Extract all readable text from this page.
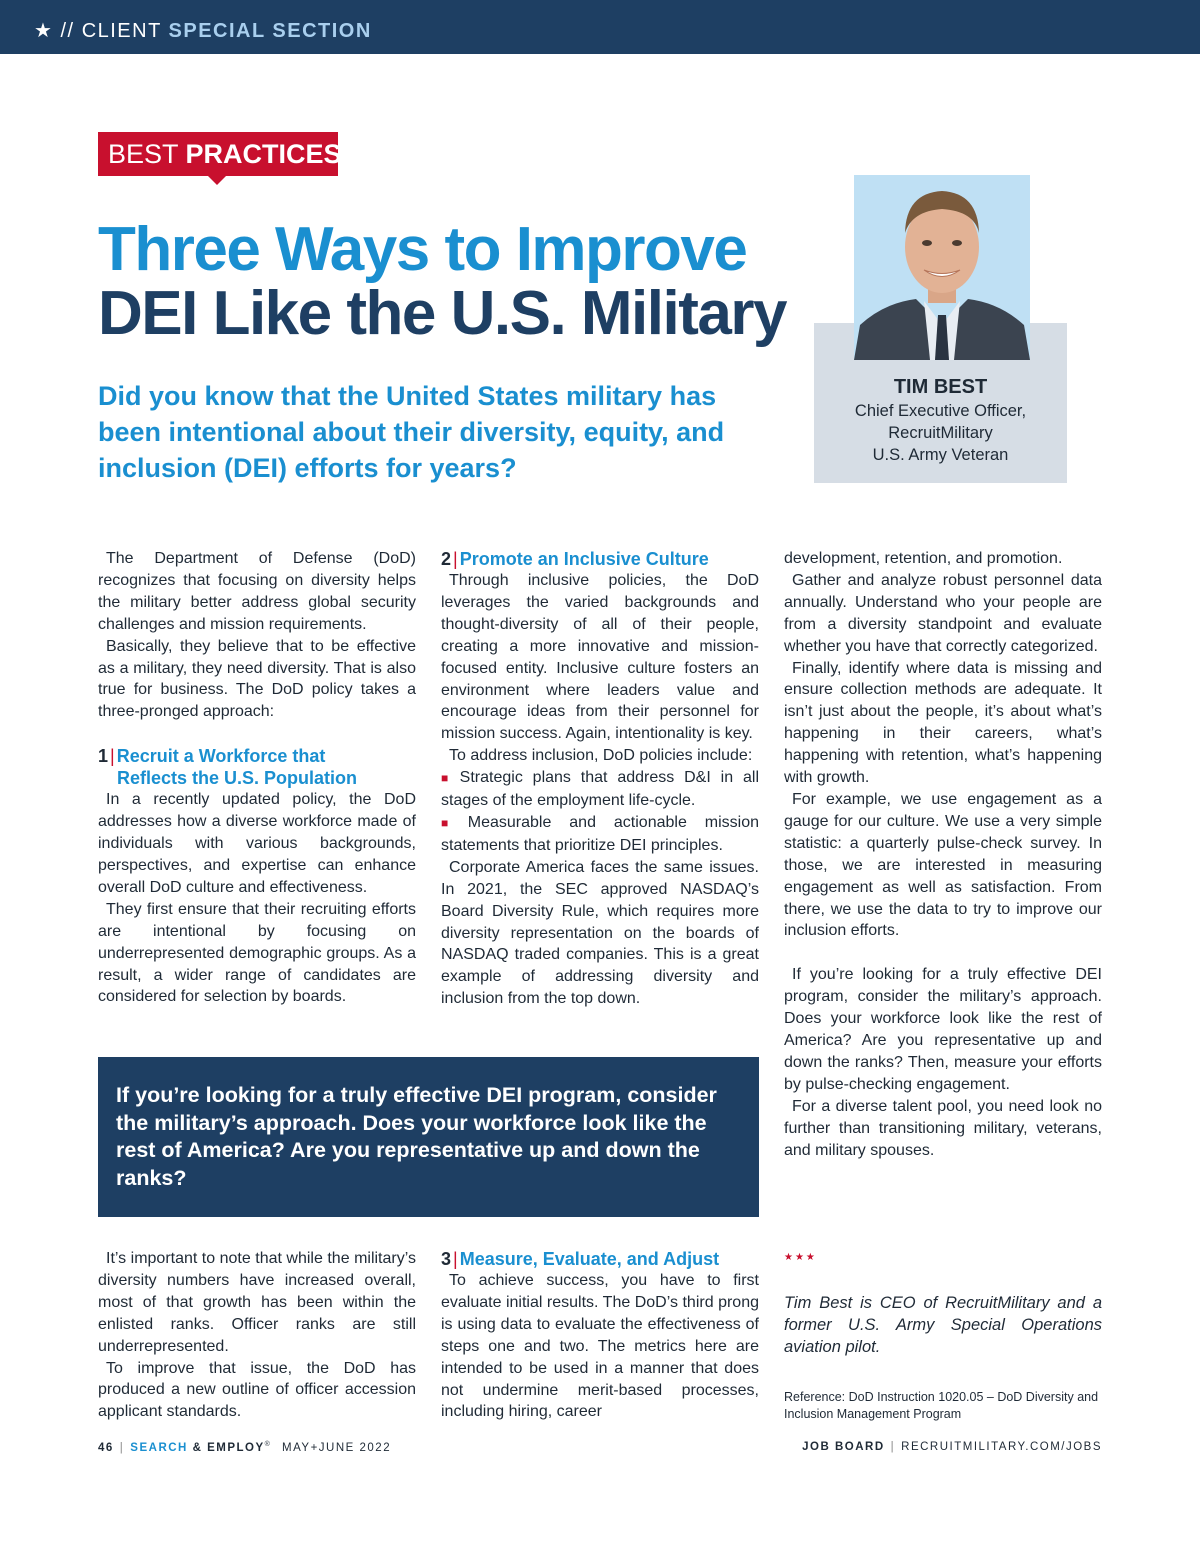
★ // CLIENT SPECIAL SECTION
BEST PRACTICES
Three Ways to Improve
DEI Like the U.S. Military
Did you know that the United States military has been intentional about their diversity, equity, and inclusion (DEI) efforts for years?
TIM BEST
Chief Executive Officer,
RecruitMilitary
U.S. Army Veteran

The Department of Defense (DoD) recognizes that focusing on diversity helps the military better address global security challenges and mission requirements.

Basically, they believe that to be effective as a military, they need diversity. That is also true for business. The DoD policy takes a three-pronged approach:

1 | Recruit a Workforce that
Reflects the U.S. Population

In a recently updated policy, the DoD addresses how a diverse workforce made of individuals with various backgrounds, perspectives, and expertise can enhance overall DoD culture and effectiveness.

They first ensure that their recruiting efforts are intentional by focusing on underrepresented demographic groups. As a result, a wider range of candidates are considered for selection by boards.

2 | Promote an Inclusive Culture

Through inclusive policies, the DoD leverages the varied backgrounds and thought-diversity of all of their people, creating a more innovative and mission-focused entity. Inclusive culture fosters an environment where leaders value and encourage ideas from their personnel for mission success. Again, intentionality is key.

To address inclusion, DoD policies include:

■ Strategic plans that address D&I in all stages of the employment life-cycle.
■ Measurable and actionable mission statements that prioritize DEI principles.

Corporate America faces the same issues. In 2021, the SEC approved NASDAQ’s Board Diversity Rule, which requires more diversity representation on the boards of NASDAQ traded companies. This is a great example of addressing diversity and inclusion from the top down.

development, retention, and promotion.

Gather and analyze robust personnel data annually. Understand who your people are from a diversity standpoint and evaluate whether you have that correctly categorized.

Finally, identify where data is missing and ensure collection methods are adequate. It isn’t just about the people, it’s about what’s happening in their careers, what’s happening with retention, what’s happening with growth.

For example, we use engagement as a gauge for our culture. We use a very simple statistic: a quarterly pulse-check survey. In those, we are interested in measuring engagement as well as satisfaction. From there, we use the data to try to improve our inclusion efforts.

If you’re looking for a truly effective DEI program, consider the military’s approach. Does your workforce look like the rest of America? Are you representative up and down the ranks? Then, measure your efforts by pulse-checking engagement.

For a diverse talent pool, you need look no further than transitioning military, veterans, and military spouses.

If you’re looking for a truly effective DEI program, consider the military’s approach. Does your workforce look like the rest of America? Are you representative up and down the ranks?

It’s important to note that while the military’s diversity numbers have increased overall, most of that growth has been within the enlisted ranks. Officer ranks are still underrepresented.

To improve that issue, the DoD has produced a new outline of officer accession applicant standards.

3 | Measure, Evaluate, and Adjust

To achieve success, you have to first evaluate initial results. The DoD’s third prong is using data to evaluate the effectiveness of steps one and two. The metrics here are intended to be used in a manner that does not undermine merit-based processes, including hiring, career

★★★
Tim Best is CEO of RecruitMilitary and a former U.S. Army Special Operations aviation pilot.
Reference: DoD Instruction 1020.05 – DoD Diversity and Inclusion Management Program
46 | SEARCH & EMPLOY® MAY+JUNE 2022	JOB BOARD | RECRUITMILITARY.COM/JOBS
